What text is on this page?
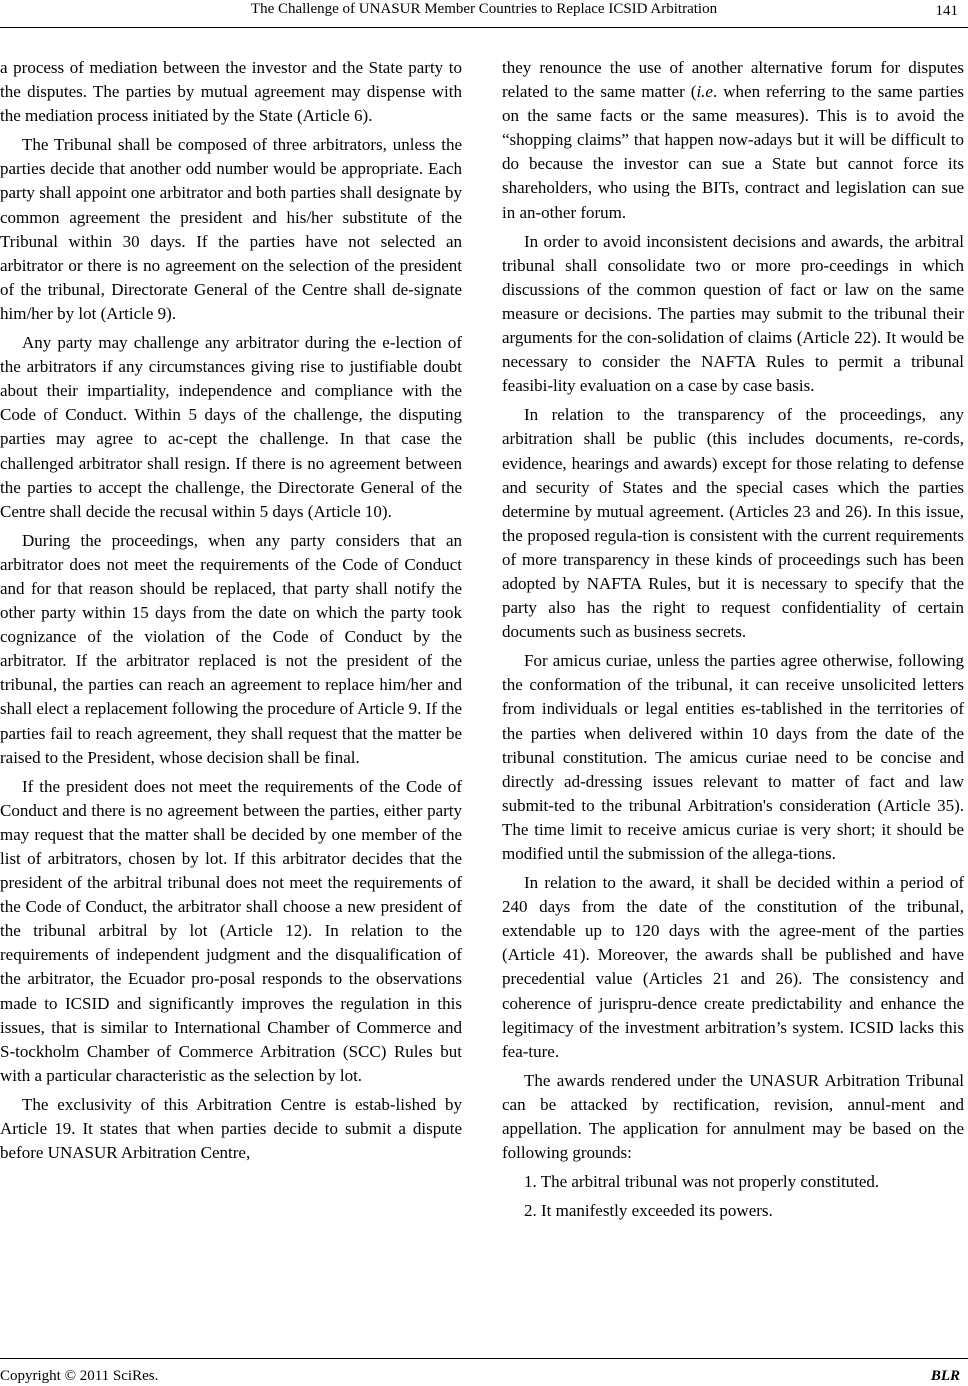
The Challenge of UNASUR Member Countries to Replace ICSID Arbitration	141

a process of mediation between the investor and the State party to the disputes. The parties by mutual agreement may dispense with the mediation process initiated by the State (Article 6).

The Tribunal shall be composed of three arbitrators, unless the parties decide that another odd number would be appropriate. Each party shall appoint one arbitrator and both parties shall designate by common agreement the president and his/her substitute of the Tribunal within 30 days. If the parties have not selected an arbitrator or there is no agreement on the selection of the president of the tribunal, Directorate General of the Centre shall de-signate him/her by lot (Article 9).

Any party may challenge any arbitrator during the e-lection of the arbitrators if any circumstances giving rise to justifiable doubt about their impartiality, independence and compliance with the Code of Conduct. Within 5 days of the challenge, the disputing parties may agree to ac-cept the challenge. In that case the challenged arbitrator shall resign. If there is no agreement between the parties to accept the challenge, the Directorate General of the Centre shall decide the recusal within 5 days (Article 10).

During the proceedings, when any party considers that an arbitrator does not meet the requirements of the Code of Conduct and for that reason should be replaced, that party shall notify the other party within 15 days from the date on which the party took cognizance of the violation of the Code of Conduct by the arbitrator. If the arbitrator replaced is not the president of the tribunal, the parties can reach an agreement to replace him/her and shall elect a replacement following the procedure of Article 9. If the parties fail to reach agreement, they shall request that the matter be raised to the President, whose decision shall be final.

If the president does not meet the requirements of the Code of Conduct and there is no agreement between the parties, either party may request that the matter shall be decided by one member of the list of arbitrators, chosen by lot. If this arbitrator decides that the president of the arbitral tribunal does not meet the requirements of the Code of Conduct, the arbitrator shall choose a new president of the tribunal arbitral by lot (Article 12). In relation to the requirements of independent judgment and the disqualification of the arbitrator, the Ecuador pro-posal responds to the observations made to ICSID and significantly improves the regulation in this issues, that is similar to International Chamber of Commerce and S-tockholm Chamber of Commerce Arbitration (SCC) Rules but with a particular characteristic as the selection by lot.

The exclusivity of this Arbitration Centre is estab-lished by Article 19. It states that when parties decide to submit a dispute before UNASUR Arbitration Centre,

they renounce the use of another alternative forum for disputes related to the same matter (i.e. when referring to the same parties on the same facts or the same measures). This is to avoid the “shopping claims” that happen now-adays but it will be difficult to do because the investor can sue a State but cannot force its shareholders, who using the BITs, contract and legislation can sue in an-other forum.

In order to avoid inconsistent decisions and awards, the arbitral tribunal shall consolidate two or more pro-ceedings in which discussions of the common question of fact or law on the same measure or decisions. The parties may submit to the tribunal their arguments for the con-solidation of claims (Article 22). It would be necessary to consider the NAFTA Rules to permit a tribunal feasibi-lity evaluation on a case by case basis.

In relation to the transparency of the proceedings, any arbitration shall be public (this includes documents, re-cords, evidence, hearings and awards) except for those relating to defense and security of States and the special cases which the parties determine by mutual agreement. (Articles 23 and 26). In this issue, the proposed regula-tion is consistent with the current requirements of more transparency in these kinds of proceedings such has been adopted by NAFTA Rules, but it is necessary to specify that the party also has the right to request confidentiality of certain documents such as business secrets.

For amicus curiae, unless the parties agree otherwise, following the conformation of the tribunal, it can receive unsolicited letters from individuals or legal entities es-tablished in the territories of the parties when delivered within 10 days from the date of the tribunal constitution. The amicus curiae need to be concise and directly ad-dressing issues relevant to matter of fact and law submit-ted to the tribunal Arbitration's consideration (Article 35). The time limit to receive amicus curiae is very short; it should be modified until the submission of the allega-tions.

In relation to the award, it shall be decided within a period of 240 days from the date of the constitution of the tribunal, extendable up to 120 days with the agree-ment of the parties (Article 41). Moreover, the awards shall be published and have precedential value (Articles 21 and 26). The consistency and coherence of jurispru-dence create predictability and enhance the legitimacy of the investment arbitration’s system. ICSID lacks this fea-ture.

The awards rendered under the UNASUR Arbitration Tribunal can be attacked by rectification, revision, annul-ment and appellation. The application for annulment may be based on the following grounds:

1. The arbitral tribunal was not properly constituted.

2. It manifestly exceeded its powers.

Copyright © 2011 SciRes.	BLR
